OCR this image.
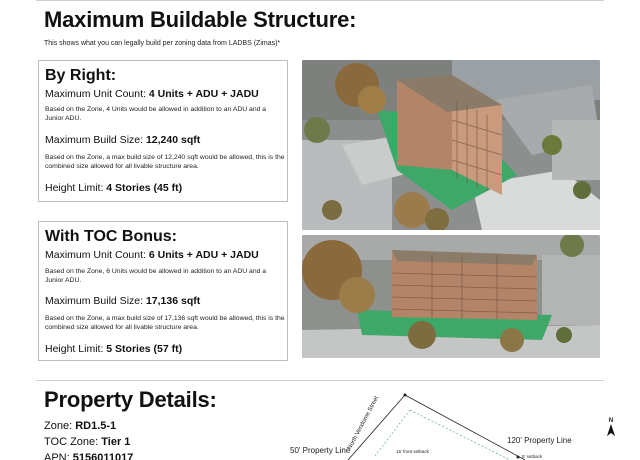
Maximum Buildable Structure:
This shows what you can legally build per zoning data from LADBS (Zimas)*
By Right:
Maximum Unit Count: 4 Units + ADU + JADU
Based on the Zone, 4 Units would be allowed in addition to an ADU and a Junior ADU.
Maximum Build Size: 12,240 sqft
Based on the Zone, a max build size of 12,240 sqft would be allowed, this is the combined size allowed for all livable structure area.
Height Limit: 4 Stories (45 ft)
With TOC Bonus:
Maximum Unit Count: 6 Units + ADU + JADU
Based on the Zone, 6 Units would be allowed in addition to an ADU and a Junior ADU.
Maximum Build Size: 17,136 sqft
Based on the Zone, a max build size of 17,136 sqft would be allowed, this is the combined size allowed for all livable structure area.
Height Limit: 5 Stories (57 ft)
Property Details:
Zone: RD1.5-1
TOC Zone: Tier 1
APN: 5156011017
50' Property Line
120' Property Line
North Vendome Street
15' front setback
5' setback
N
